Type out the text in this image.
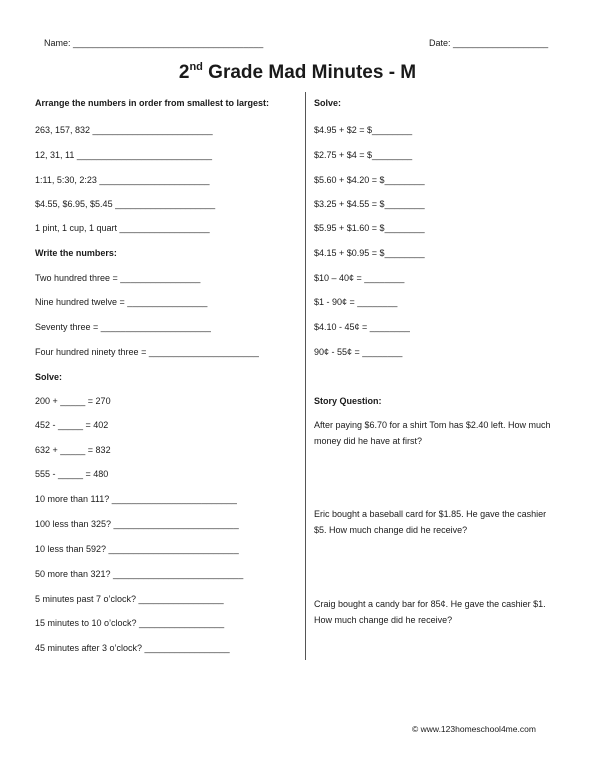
Name: ______________________________________	Date: ___________________
2nd Grade Mad Minutes - M
Arrange the numbers in order from smallest to largest:
263, 157, 832 ________________________
12, 31, 11 ___________________________
1:11, 5:30, 2:23 ______________________
$4.55, $6.95, $5.45 ____________________
1 pint, 1 cup, 1 quart __________________
Write the numbers:
Two hundred three = ________________
Nine hundred twelve = ________________
Seventy three = ______________________
Four hundred ninety three = ______________________
Solve:
200 + _____ = 270
452 - _____ = 402
632 + _____ = 832
555 - _____ = 480
10 more than 111? _________________________
100 less than 325? _________________________
10 less than 592? __________________________
50 more than 321? __________________________
5 minutes past 7 o’clock? _________________
15 minutes to 10 o’clock? _________________
45 minutes after 3 o’clock? _________________
Solve:
$4.95 + $2 = $________
$2.75 + $4 = $________
$5.60 + $4.20 = $________
$3.25 + $4.55 = $________
$5.95 + $1.60 = $________
$4.15 + $0.95 = $________
$10 – 40¢ = ________
$1 - 90¢ = ________
$4.10 - 45¢ = ________
90¢ - 55¢ = ________
Story Question:
After paying $6.70 for a shirt Tom has $2.40 left. How much money did he have at first?
Eric bought a baseball card for $1.85. He gave the cashier $5. How much change did he receive?
Craig bought a candy bar for 85¢. He gave the cashier $1. How much change did he receive?
© www.123homeschool4me.com
